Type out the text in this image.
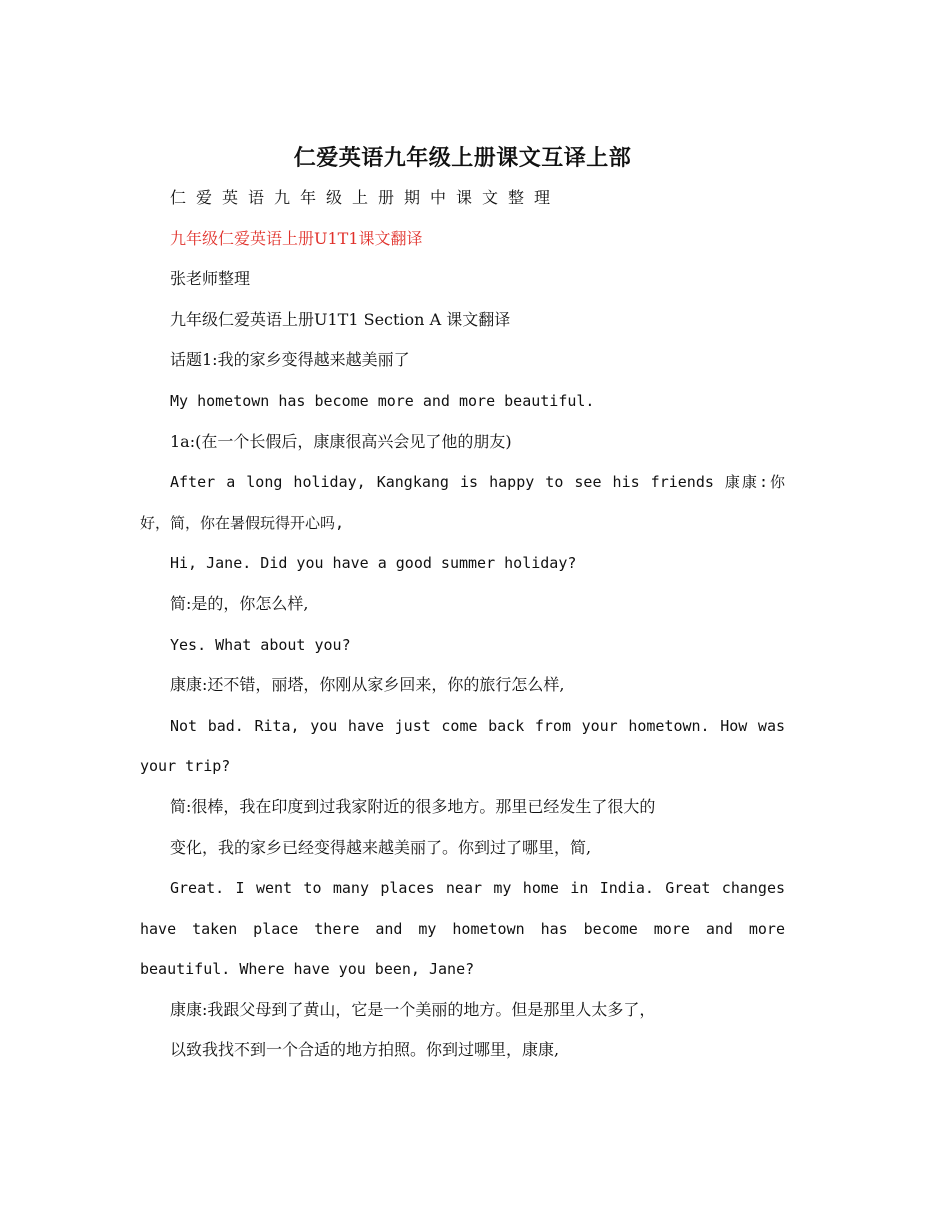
仁爱英语九年级上册课文互译上部

仁爱英语九年级上册期中课文整理

九年级仁爱英语上册U1T1课文翻译

张老师整理

九年级仁爱英语上册U1T1 Section A 课文翻译

话题1:我的家乡变得越来越美丽了

My hometown has become more and more beautiful.

1a:(在一个长假后，康康很高兴会见了他的朋友)

After a long holiday, Kangkang is happy to see his friends 康康:你好，简，你在暑假玩得开心吗,

Hi, Jane. Did you have a good summer holiday?

简:是的，你怎么样,

Yes. What about you?

康康:还不错，丽塔，你刚从家乡回来，你的旅行怎么样,

Not bad. Rita, you have just come back from your hometown. How was your trip?

简:很棒，我在印度到过我家附近的很多地方。那里已经发生了很大的

变化，我的家乡已经变得越来越美丽了。你到过了哪里，简,

Great. I went to many places near my home in India. Great changes have taken place there and my hometown has become more and more beautiful. Where have you been, Jane?

康康:我跟父母到了黄山，它是一个美丽的地方。但是那里人太多了，

以致我找不到一个合适的地方拍照。你到过哪里，康康,
